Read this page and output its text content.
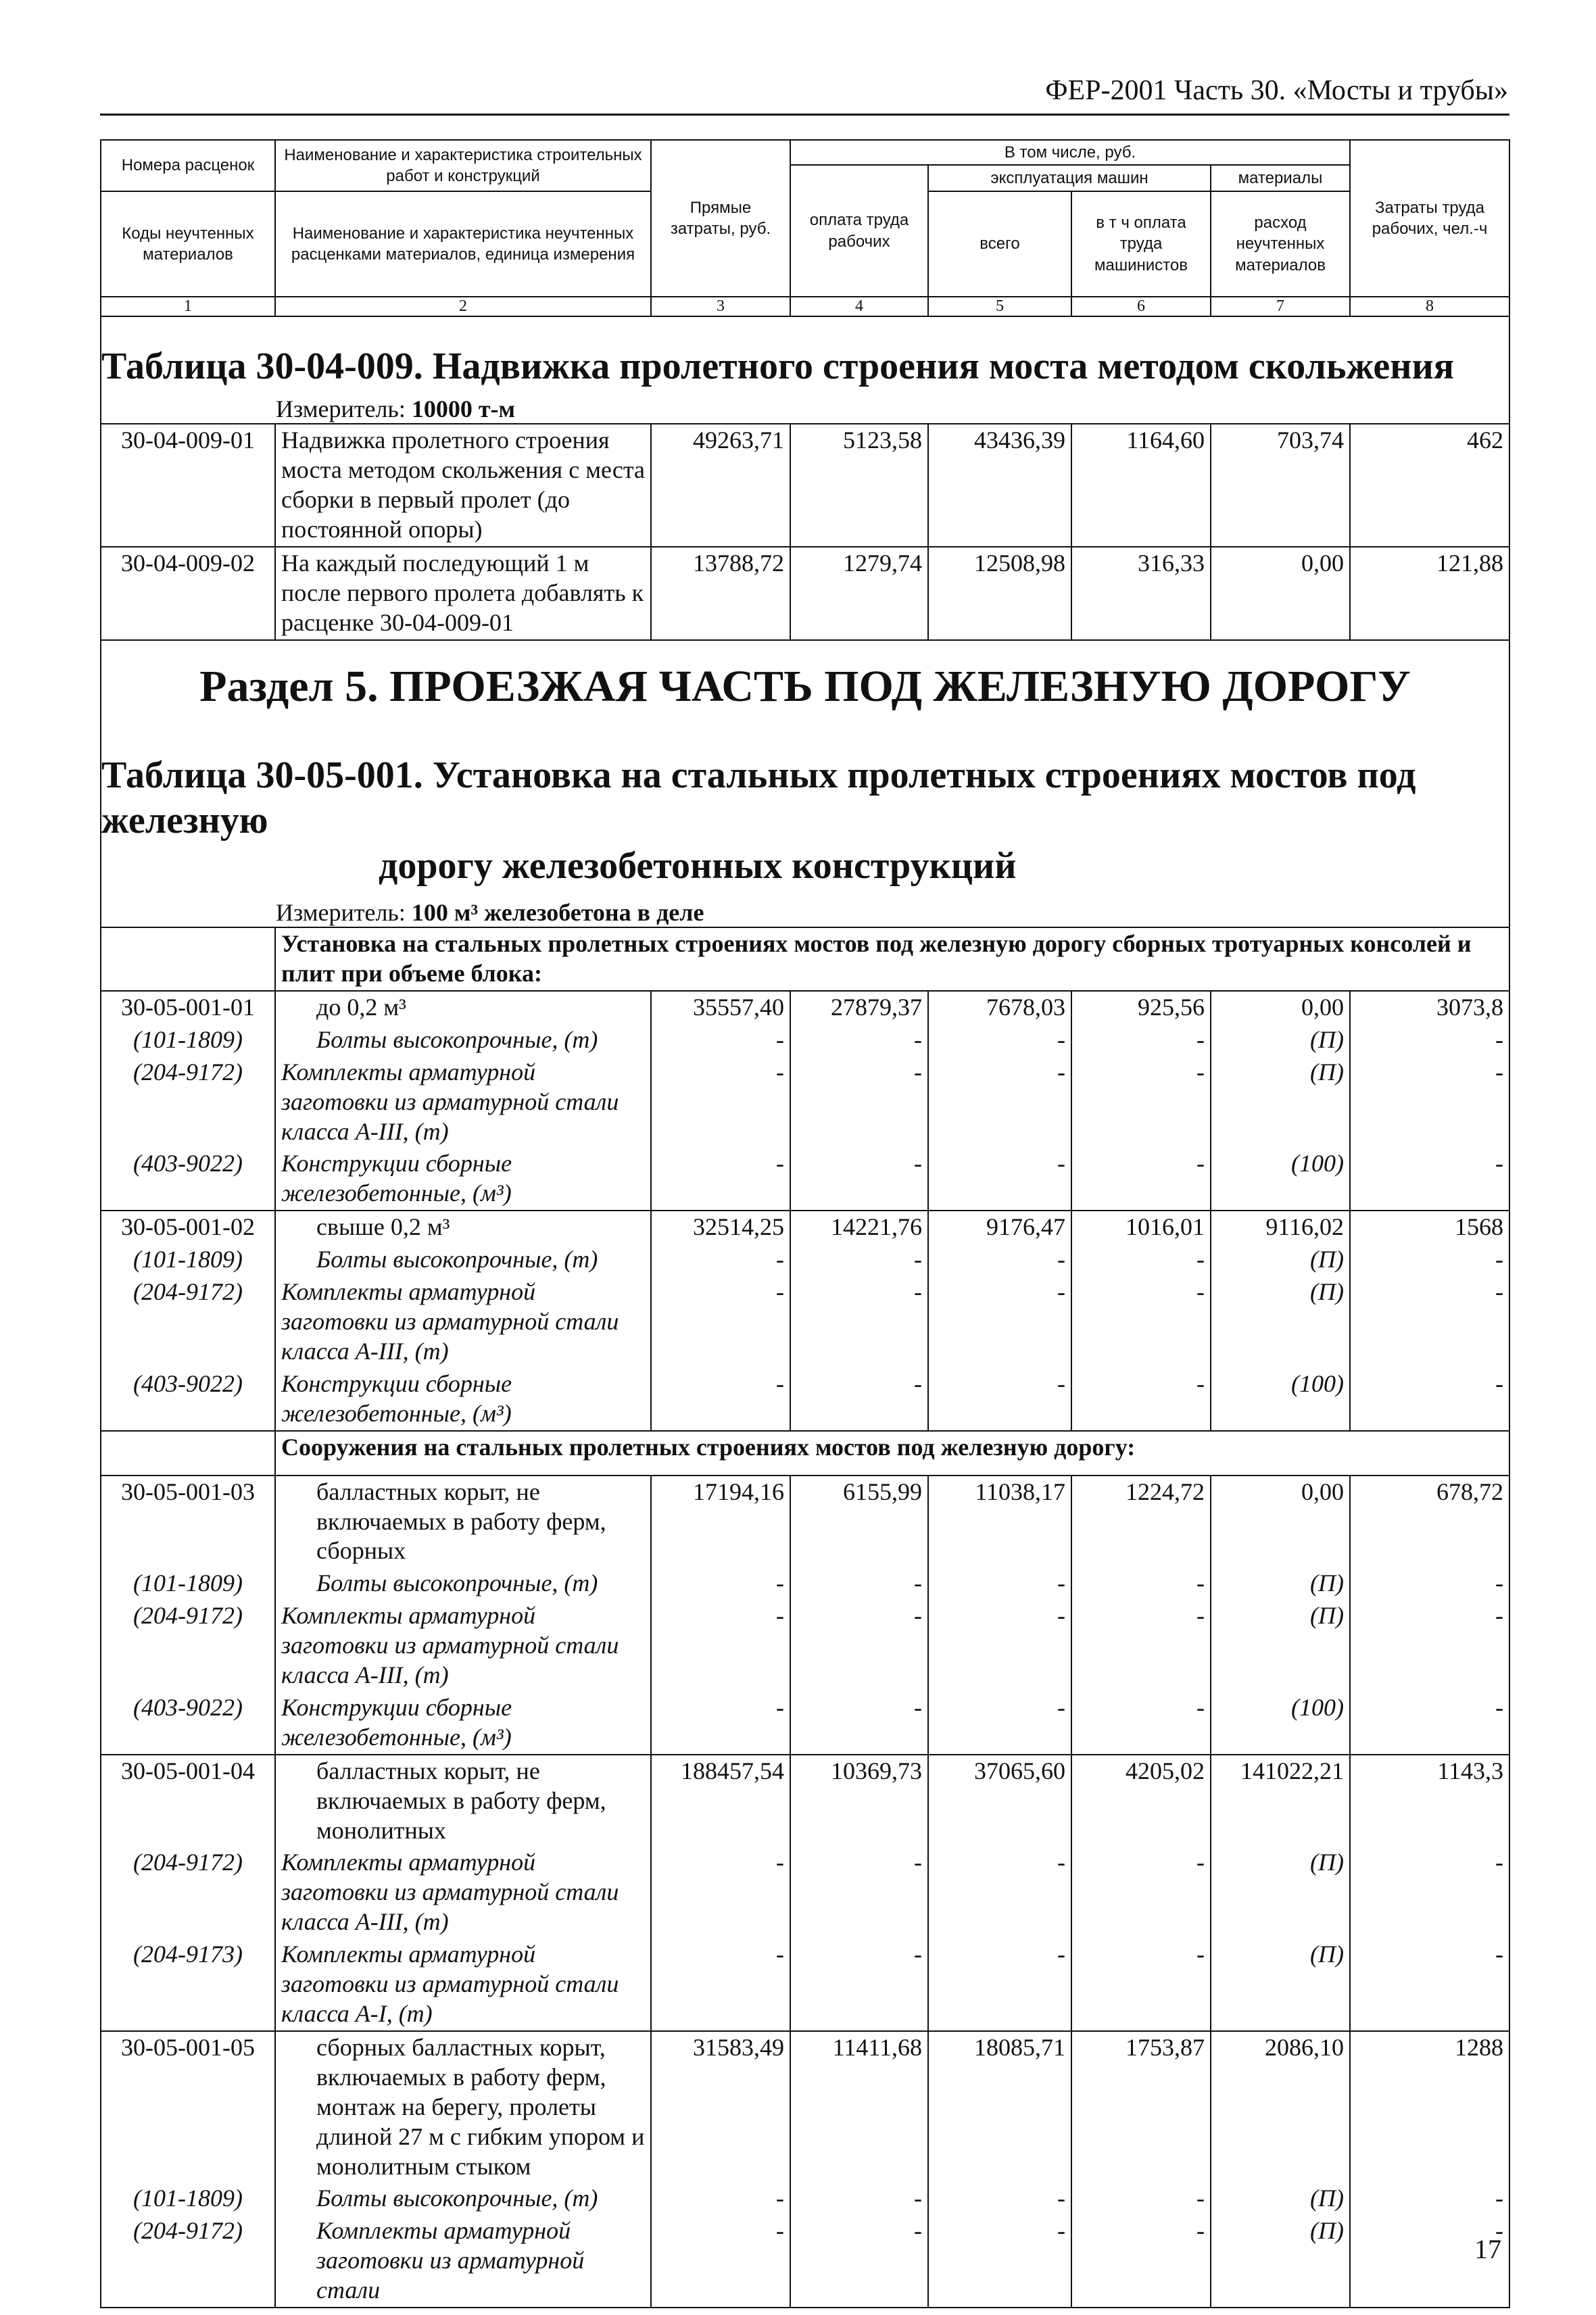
ФЕР-2001 Часть 30. «Мосты и трубы»
Номера расценок	Наименование и характеристика строительных работ и конструкций	Прямые затраты, руб.	В том числе, руб.				Затраты труда рабочих, чел.-ч
			оплата труда рабочих	эксплуатация машин		материалы	
Коды неучтенных материалов	Наименование и характеристика неучтенных расценками материалов, единица измерения			всего	в т ч оплата труда машинистов	расход неучтенных материалов	

1	2	3	4	5	6	7	8

Таблица 30-04-009. Надвижка пролетного строения моста методом скольжения
Измеритель: 10000 т-м							

30-04-009-01	Надвижка пролетного строения моста методом скольжения с места сборки в первый пролет (до постоянной опоры)	49263,71	5123,58	43436,39	1164,60	703,74	462
30-04-009-02	На каждый последующий 1 м после первого пролета добавлять к расценке 30-04-009-01	13788,72	1279,74	12508,98	316,33	0,00	121,88

Раздел 5. ПРОЕЗЖАЯ ЧАСТЬ ПОД ЖЕЛЕЗНУЮ ДОРОГУ
Таблица 30-05-001. Установка на стальных пролетных строениях мостов под железную
дорогу железобетонных конструкций
Измеритель: 100 м³ железобетона в деле							

	Установка на стальных пролетных строениях мостов под железную дорогу сборных тротуарных консолей и плит при объеме блока:						
30-05-001-01	до 0,2 м³	35557,40	27879,37	7678,03	925,56	0,00	3073,8
(101-1809)	Болты высокопрочные, (т)	-	-	-	-	(П)	-
(204-9172)	Комплекты арматурной заготовки из арматурной стали класса А-III, (т)	-	-	-	-	(П)	-
(403-9022)	Конструкции сборные железобетонные, (м³)	-	-	-	-	(100)	-
30-05-001-02	свыше 0,2 м³	32514,25	14221,76	9176,47	1016,01	9116,02	1568
(101-1809)	Болты высокопрочные, (т)	-	-	-	-	(П)	-
(204-9172)	Комплекты арматурной заготовки из арматурной стали класса А-III, (т)	-	-	-	-	(П)	-
(403-9022)	Конструкции сборные железобетонные, (м³)	-	-	-	-	(100)	-
	Сооружения на стальных пролетных строениях мостов под железную дорогу:						
30-05-001-03	балластных корыт, не включаемых в работу ферм, сборных	17194,16	6155,99	11038,17	1224,72	0,00	678,72
(101-1809)	Болты высокопрочные, (т)	-	-	-	-	(П)	-
(204-9172)	Комплекты арматурной заготовки из арматурной стали класса А-III, (т)	-	-	-	-	(П)	-
(403-9022)	Конструкции сборные железобетонные, (м³)	-	-	-	-	(100)	-
30-05-001-04	балластных корыт, не включаемых в работу ферм, монолитных	188457,54	10369,73	37065,60	4205,02	141022,21	1143,3
(204-9172)	Комплекты арматурной заготовки из арматурной стали класса А-III, (т)	-	-	-	-	(П)	-
(204-9173)	Комплекты арматурной заготовки из арматурной стали класса А-I, (т)	-	-	-	-	(П)	-
30-05-001-05	сборных балластных корыт, включаемых в работу ферм, монтаж на берегу, пролеты длиной 27 м с гибким упором и монолитным стыком	31583,49	11411,68	18085,71	1753,87	2086,10	1288
(101-1809)	Болты высокопрочные, (т)	-	-	-	-	(П)	-
(204-9172)	Комплекты арматурной заготовки из арматурной стали	-	-	-	-	(П)	-
17
